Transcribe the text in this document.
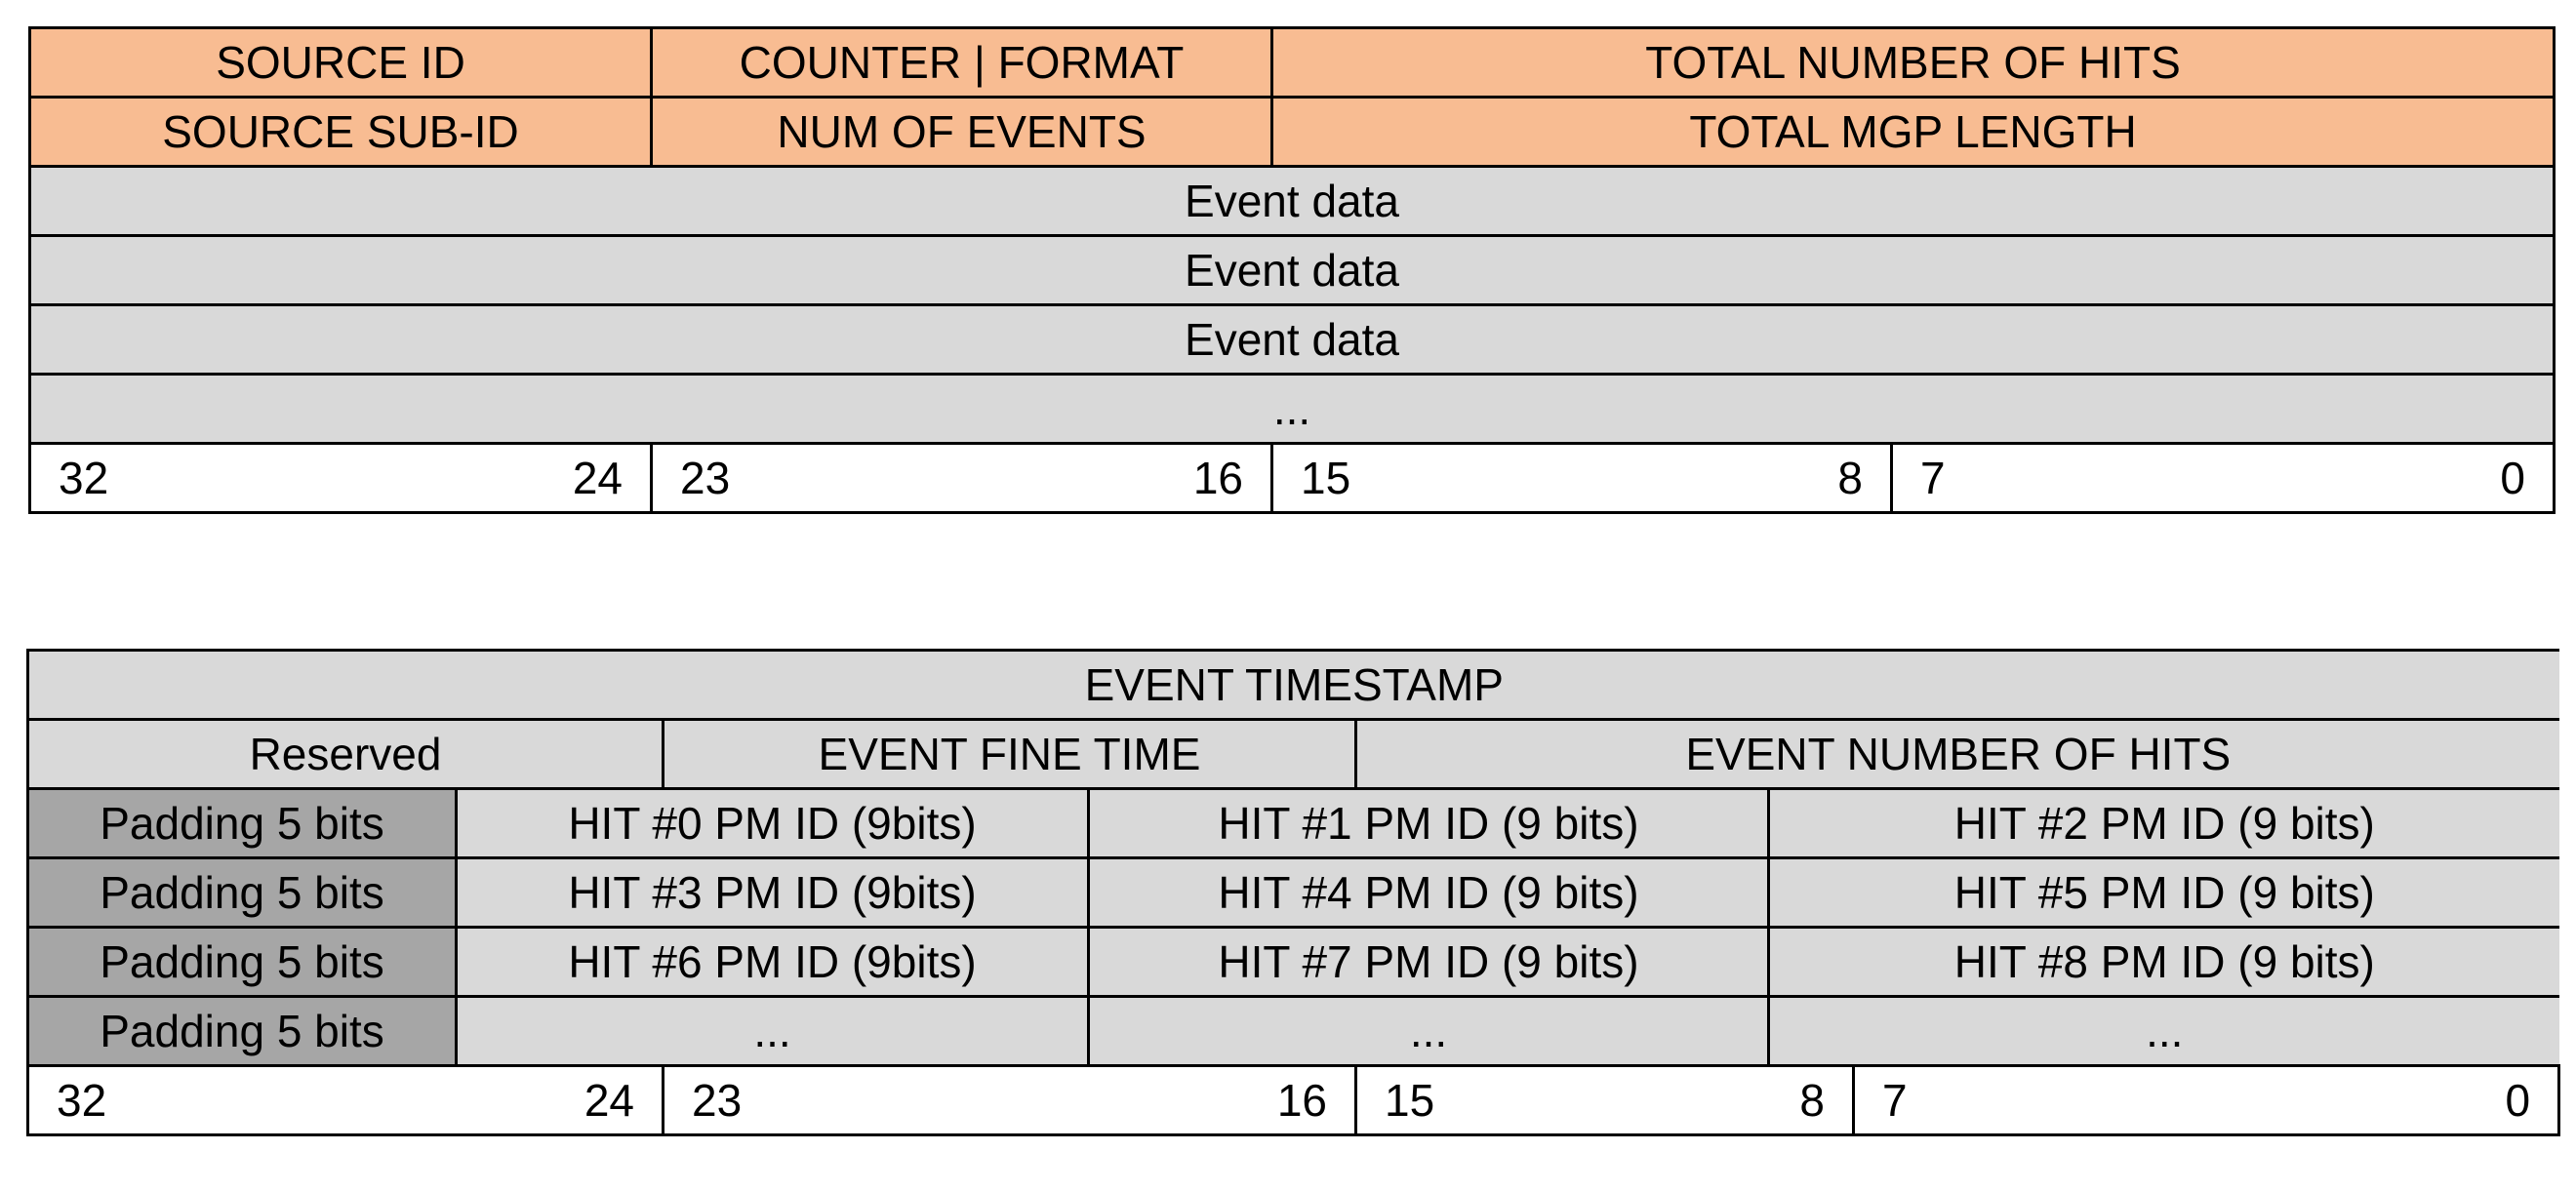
SOURCE ID	COUNTER | FORMAT	TOTAL NUMBER OF HITS	
SOURCE SUB-ID	NUM OF EVENTS	TOTAL MGP LENGTH	
Event data			
Event data			
Event data			
...			

32 24	23 16	15 8	7 0
EVENT TIMESTAMP						
Reserved		EVENT FINE TIME		EVENT NUMBER OF HITS		
Padding 5 bits	HIT #0 PM ID (9bits)		HIT #1 PM ID (9 bits)		HIT #2 PM ID (9 bits)	
Padding 5 bits	HIT #3 PM ID (9bits)		HIT #4 PM ID (9 bits)		HIT #5 PM ID (9 bits)	
Padding 5 bits	HIT #6 PM ID (9bits)		HIT #7 PM ID (9 bits)		HIT #8 PM ID (9 bits)	
Padding 5 bits	...		...		...	

32 24		23 16		15 8		7 0
